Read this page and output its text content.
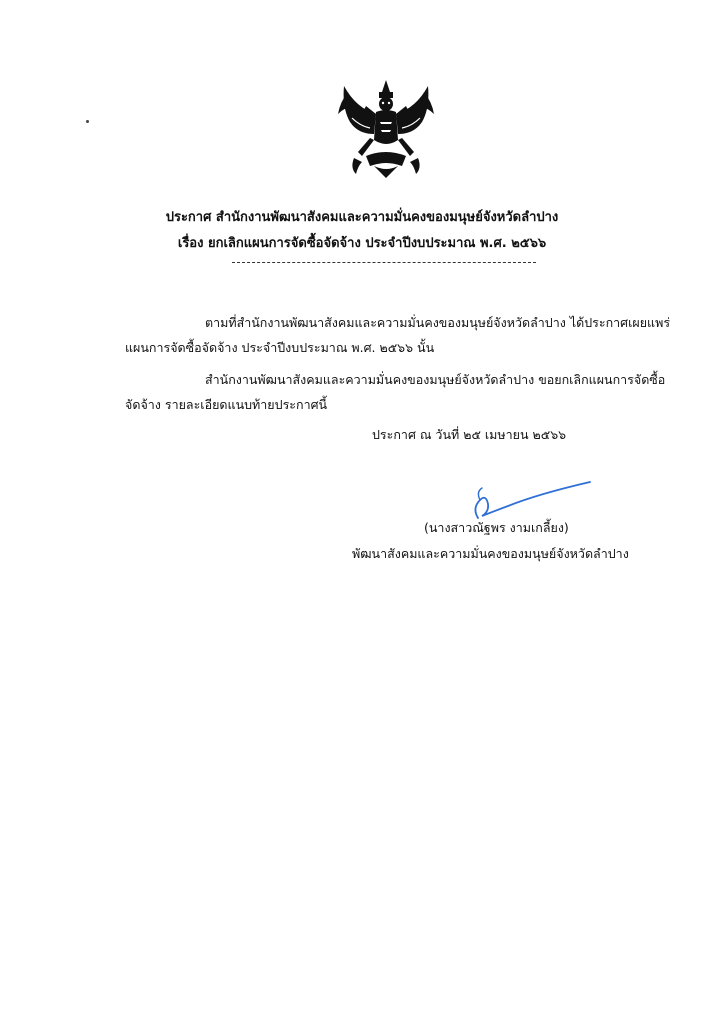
ประกาศ สำนักงานพัฒนาสังคมและความมั่นคงของมนุษย์จังหวัดลำปาง
เรื่อง ยกเลิกแผนการจัดซื้อจัดจ้าง ประจำปีงบประมาณ พ.ศ. ๒๕๖๖
ตามที่สำนักงานพัฒนาสังคมและความมั่นคงของมนุษย์จังหวัดลำปาง ได้ประกาศเผยแพร่
แผนการจัดซื้อจัดจ้าง ประจำปีงบประมาณ พ.ศ. ๒๕๖๖ นั้น
สำนักงานพัฒนาสังคมและความมั่นคงของมนุษย์จังหวัดลำปาง ขอยกเลิกแผนการจัดซื้อ
จัดจ้าง รายละเอียดแนบท้ายประกาศนี้
ประกาศ ณ วันที่ ๒๕ เมษายน ๒๕๖๖
(นางสาวณัฐพร งามเกลี้ยง)
พัฒนาสังคมและความมั่นคงของมนุษย์จังหวัดลำปาง
